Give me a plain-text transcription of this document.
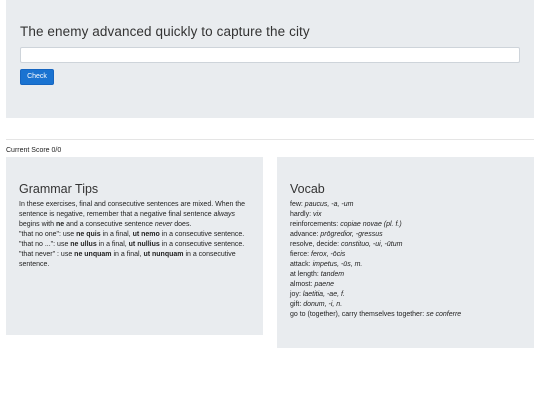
The enemy advanced quickly to capture the city
Check
Current Score 0/0
Grammar Tips

In these exercises, final and consecutive sentences are mixed. When the sentence is negative, remember that a negative final sentence always begins with ne and a consecutive sentence never does.

"that no one": use ne quis in a final, ut nemo in a consecutive sentence.

"that no ...": use ne ullus in a final, ut nullius in a consecutive sentence.

"that never" : use ne unquam in a final, ut nunquam in a consecutive sentence.

Vocab
few: paucus, -a, -um
hardly: vix
reinforcements: copiae novae (pl. f.)
advance: prōgredior, -gressus
resolve, decide: constituo, -ui, -ūtum
fierce: ferox, -ōcis
attack: impetus, -ūs, m.
at length: tandem
almost: paene
joy: laetitia, -ae, f.
gift: donum, -i, n.
go to (together), carry themselves together: se conferre
